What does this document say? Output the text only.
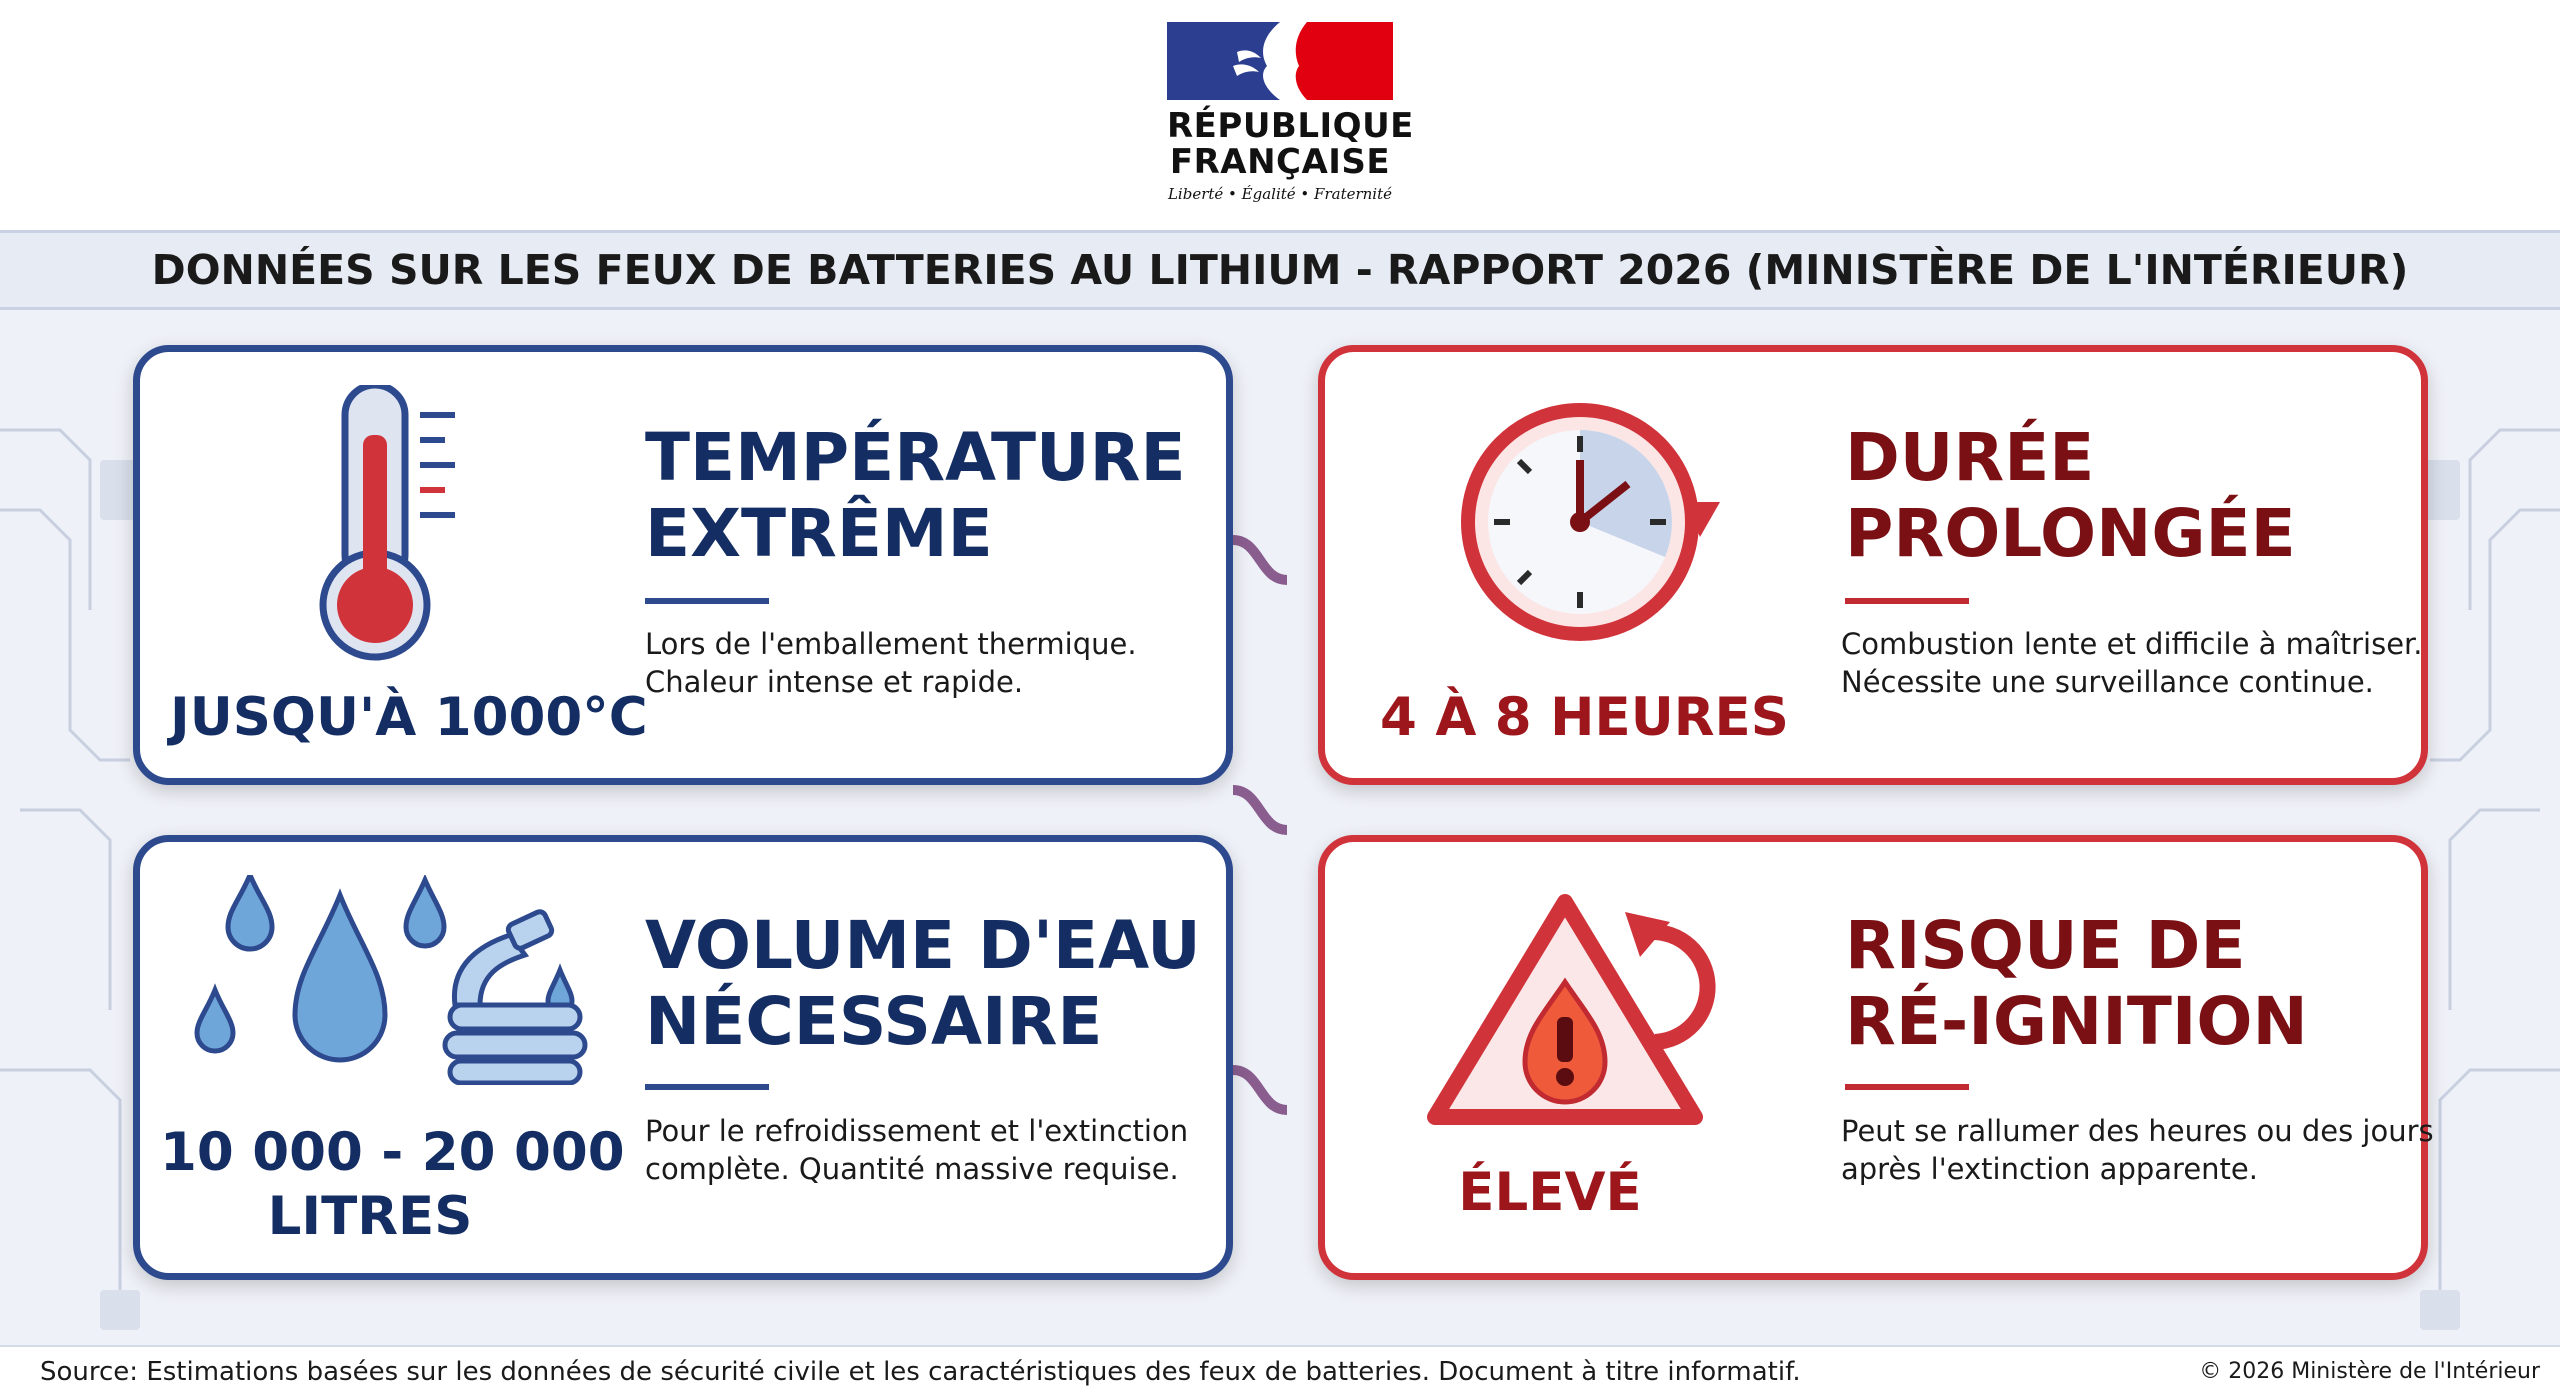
RÉPUBLIQUE
FRANÇAISE
Liberté • Égalité • Fraternité
DONNÉES SUR LES FEUX DE BATTERIES AU LITHIUM - RAPPORT 2026 (MINISTÈRE DE L'INTÉRIEUR)
JUSQU'À 1000°C
TEMPÉRATURE
EXTRÊME
Lors de l'emballement thermique.
Chaleur intense et rapide.
4 À 8 HEURES
DURÉE
PROLONGÉE
Combustion lente et difficile à maîtriser.
Nécessite une surveillance continue.
10 000 - 20 000
LITRES
VOLUME D'EAU
NÉCESSAIRE
Pour le refroidissement et l'extinction
complète. Quantité massive requise.	ÉLEVÉ
RISQUE DE
RÉ-IGNITION
Peut se rallumer des heures ou des jours
après l'extinction apparente.
Source: Estimations basées sur les données de sécurité civile et les caractéristiques des feux de batteries. Document à titre informatif.	© 2026 Ministère de l'Intérieur
